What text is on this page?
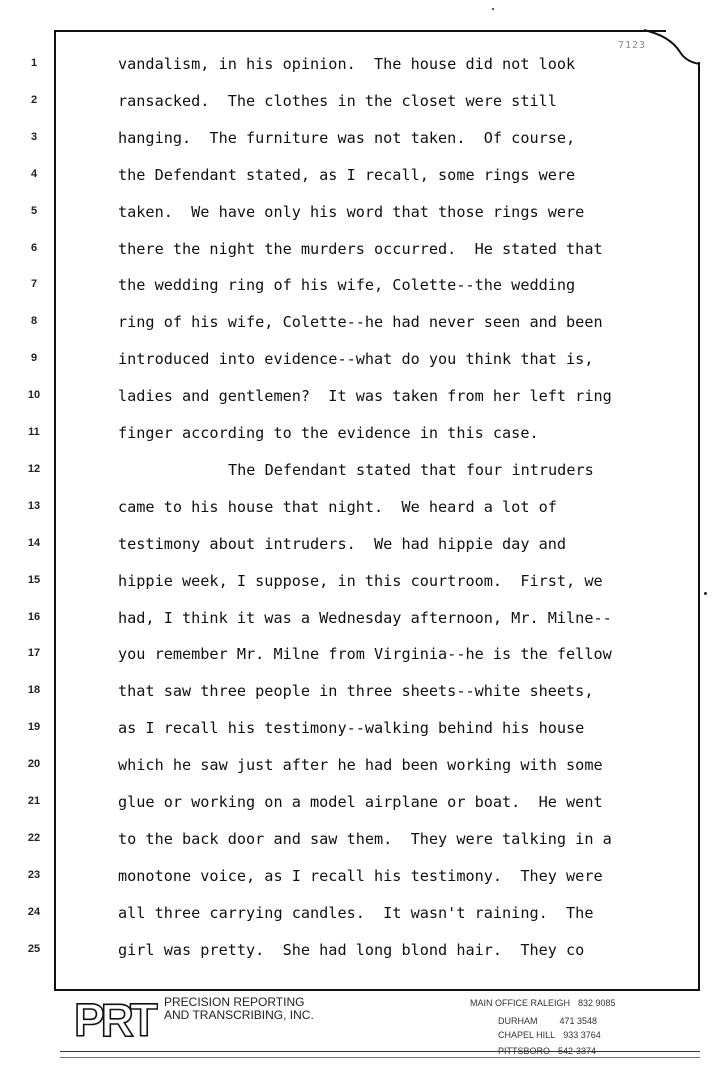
7123
1	vandalism, in his opinion.  The house did not look
2	ransacked.  The clothes in the closet were still
3	hanging.  The furniture was not taken.  Of course,
4	the Defendant stated, as I recall, some rings were
5	taken.  We have only his word that those rings were
6	there the night the murders occurred.  He stated that
7	the wedding ring of his wife, Colette--the wedding
8	ring of his wife, Colette--he had never seen and been
9	introduced into evidence--what do you think that is,
10	ladies and gentlemen?  It was taken from her left ring
11	finger according to the evidence in this case.
12	The Defendant stated that four intruders
13	came to his house that night.  We heard a lot of
14	testimony about intruders.  We had hippie day and
15	hippie week, I suppose, in this courtroom.  First, we
16	had, I think it was a Wednesday afternoon, Mr. Milne--
17	you remember Mr. Milne from Virginia--he is the fellow
18	that saw three people in three sheets--white sheets,
19	as I recall his testimony--walking behind his house
20	which he saw just after he had been working with some
21	glue or working on a model airplane or boat.  He went
22	to the back door and saw them.  They were talking in a
23	monotone voice, as I recall his testimony.  They were
24	all three carrying candles.  It wasn't raining.  The
25	girl was pretty.  She had long blond hair.  They co
PRT PRECISION REPORTING
AND TRANSCRIBING, INC.
MAIN OFFICE RALEIGH 832 9085
DURHAM 471 3548
CHAPEL HILL 933 3764
PITTSBORO 542-3374
